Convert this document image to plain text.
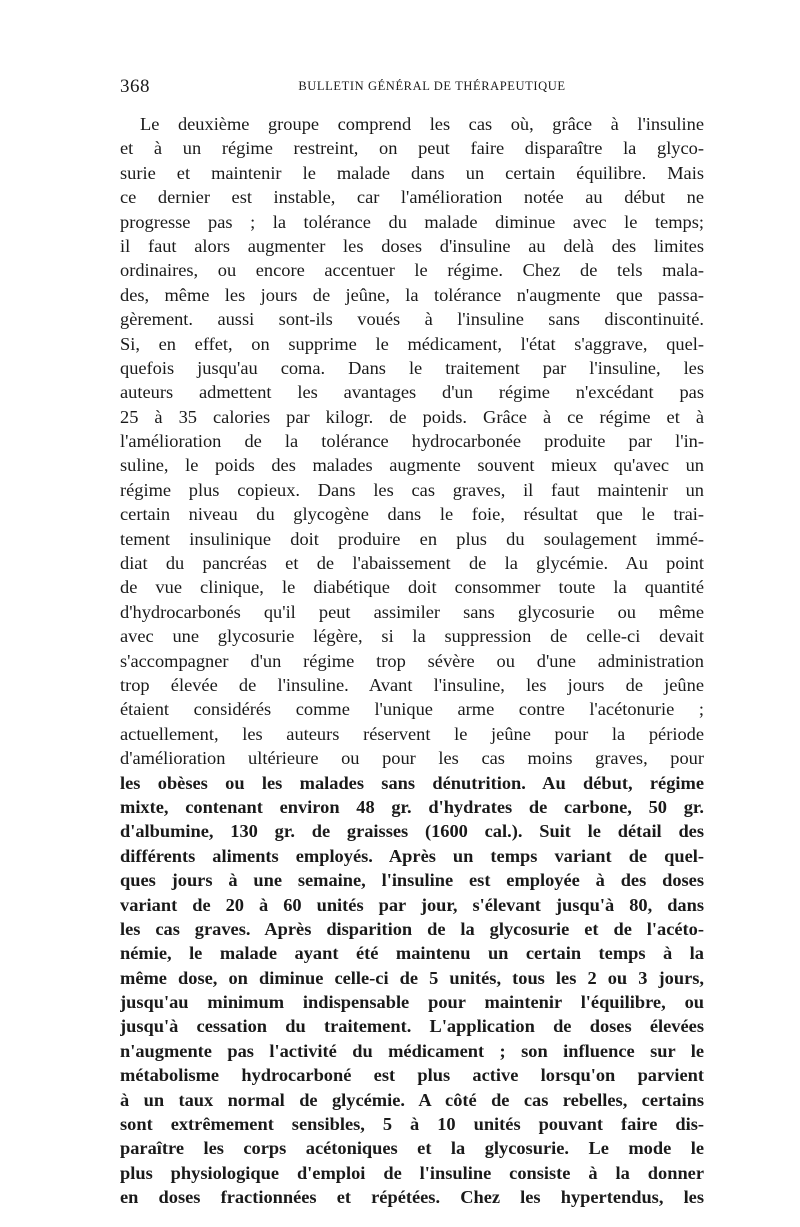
368	BULLETIN GÉNÉRAL DE THÉRAPEUTIQUE
Le deuxième groupe comprend les cas où, grâce à l'insuline
et à un régime restreint, on peut faire disparaître la glyco-
surie et maintenir le malade dans un certain équilibre. Mais
ce dernier est instable, car l'amélioration notée au début ne
progresse pas ; la tolérance du malade diminue avec le temps;
il faut alors augmenter les doses d'insuline au delà des limites
ordinaires, ou encore accentuer le régime. Chez de tels mala-
des, même les jours de jeûne, la tolérance n'augmente que passa-
gèrement. aussi sont-ils voués à l'insuline sans discontinuité.
Si, en effet, on supprime le médicament, l'état s'aggrave, quel-
quefois jusqu'au coma. Dans le traitement par l'insuline, les
auteurs admettent les avantages d'un régime n'excédant pas
25 à 35 calories par kilogr. de poids. Grâce à ce régime et à
l'amélioration de la tolérance hydrocarbonée produite par l'in-
suline, le poids des malades augmente souvent mieux qu'avec un
régime plus copieux. Dans les cas graves, il faut maintenir un
certain niveau du glycogène dans le foie, résultat que le trai-
tement insulinique doit produire en plus du soulagement immé-
diat du pancréas et de l'abaissement de la glycémie. Au point
de vue clinique, le diabétique doit consommer toute la quantité
d'hydrocarbonés qu'il peut assimiler sans glycosurie ou même
avec une glycosurie légère, si la suppression de celle-ci devait
s'accompagner d'un régime trop sévère ou d'une administration
trop élevée de l'insuline. Avant l'insuline, les jours de jeûne
étaient considérés comme l'unique arme contre l'acétonurie ;
actuellement, les auteurs réservent le jeûne pour la période
d'amélioration ultérieure ou pour les cas moins graves, pour
les obèses ou les malades sans dénutrition. Au début, régime
mixte, contenant environ 48 gr. d'hydrates de carbone, 50 gr.
d'albumine, 130 gr. de graisses (1600 cal.). Suit le détail des
différents aliments employés. Après un temps variant de quel-
ques jours à une semaine, l'insuline est employée à des doses
variant de 20 à 60 unités par jour, s'élevant jusqu'à 80, dans
les cas graves. Après disparition de la glycosurie et de l'acéto-
némie, le malade ayant été maintenu un certain temps à la
même dose, on diminue celle-ci de 5 unités, tous les 2 ou 3 jours,
jusqu'au minimum indispensable pour maintenir l'équilibre, ou
jusqu'à cessation du traitement. L'application de doses élevées
n'augmente pas l'activité du médicament ; son influence sur le
métabolisme hydrocarboné est plus active lorsqu'on parvient
à un taux normal de glycémie. A côté de cas rebelles, certains
sont extrêmement sensibles, 5 à 10 unités pouvant faire dis-
paraître les corps acétoniques et la glycosurie. Le mode le
plus physiologique d'emploi de l'insuline consiste à la donner
en doses fractionnées et répétées. Chez les hypertendus, les
